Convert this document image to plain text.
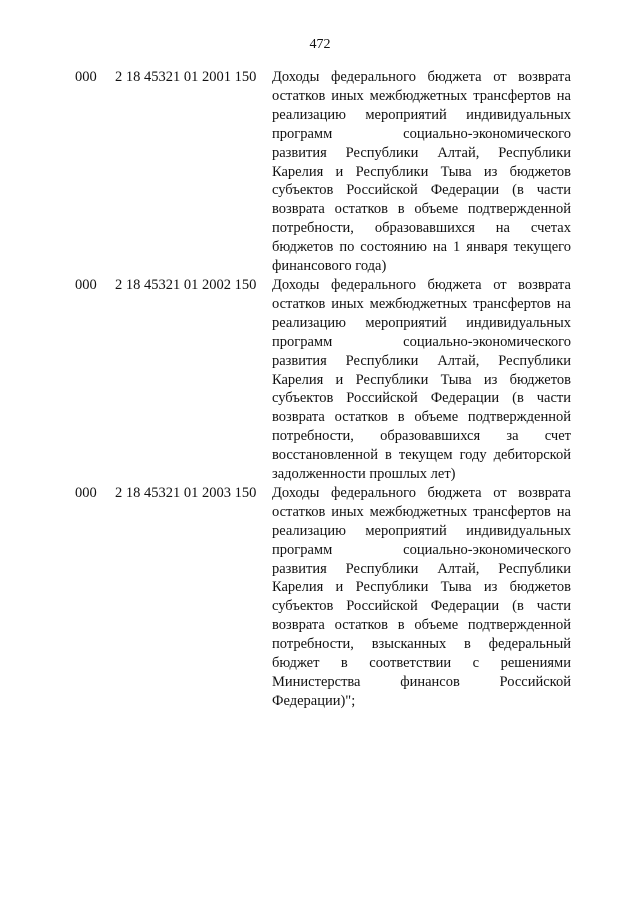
472
000 2 18 45321 01 2001 150 Доходы федерального бюджета от возврата
остатков иных межбюджетных трансфертов на
реализацию мероприятий индивидуальных
программ социально-экономического
развития Республики Алтай, Республики
Карелия и Республики Тыва из бюджетов
субъектов Российской Федерации (в части
возврата остатков в объеме подтвержденной
потребности, образовавшихся на счетах
бюджетов по состоянию на 1 января текущего
финансового года)
000 2 18 45321 01 2002 150 Доходы федерального бюджета от возврата
остатков иных межбюджетных трансфертов на
реализацию мероприятий индивидуальных
программ социально-экономического
развития Республики Алтай, Республики
Карелия и Республики Тыва из бюджетов
субъектов Российской Федерации (в части
возврата остатков в объеме подтвержденной
потребности, образовавшихся за счет
восстановленной в текущем году дебиторской
задолженности прошлых лет)
000 2 18 45321 01 2003 150 Доходы федерального бюджета от возврата
остатков иных межбюджетных трансфертов на
реализацию мероприятий индивидуальных
программ социально-экономического
развития Республики Алтай, Республики
Карелия и Республики Тыва из бюджетов
субъектов Российской Федерации (в части
возврата остатков в объеме подтвержденной
потребности, взысканных в федеральный
бюджет в соответствии с решениями
Министерства финансов Российской
Федерации)";
